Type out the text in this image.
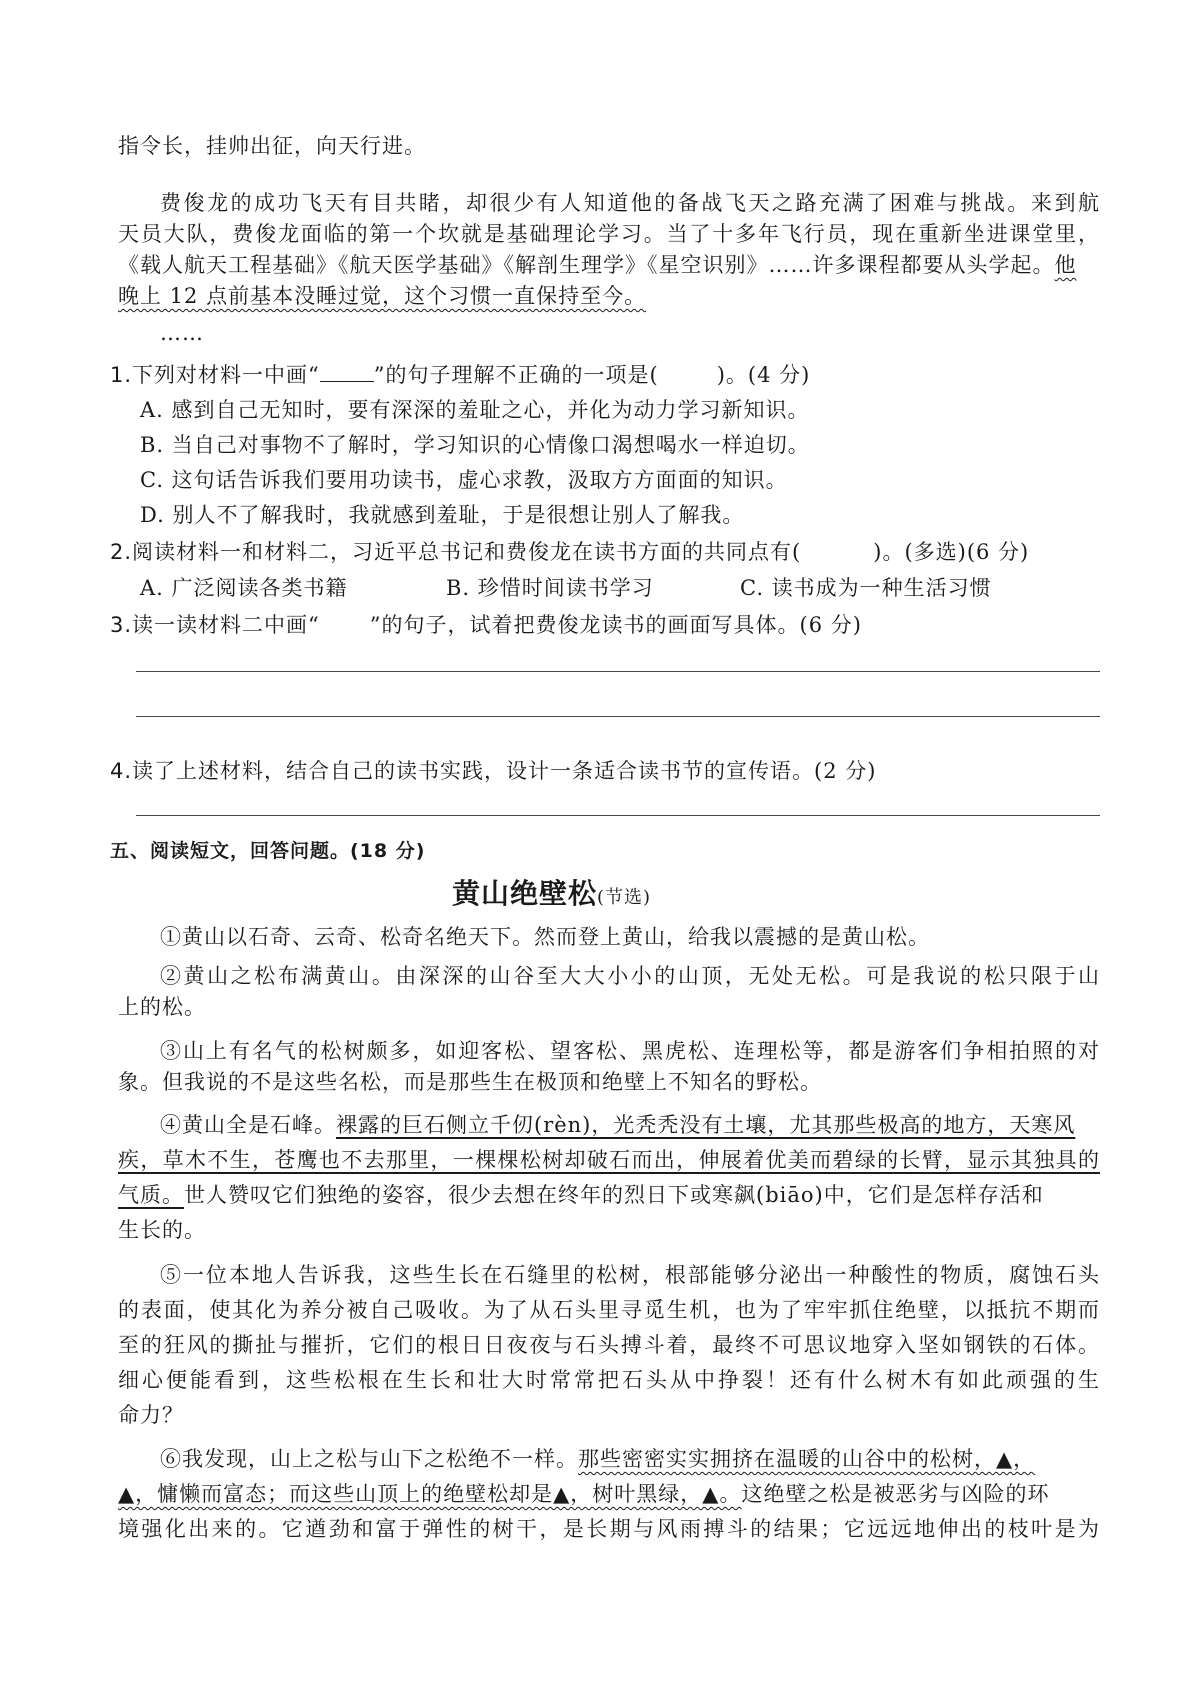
指令长，挂帅出征，向天行进。
费俊龙的成功飞天有目共睹，却很少有人知道他的备战飞天之路充满了困难与挑战。来到航
天员大队，费俊龙面临的第一个坎就是基础理论学习。当了十多年飞行员，现在重新坐进课堂里，
《载人航天工程基础》《航天医学基础》《解剖生理学》《星空识别》……许多课程都要从头学起。他
晚上 12 点前基本没睡过觉，这个习惯一直保持至今。
……
1.下列对材料一中画“	”的句子理解不正确的一项是(	)。(4 分)
A. 感到自己无知时，要有深深的羞耻之心，并化为动力学习新知识。
B. 当自己对事物不了解时，学习知识的心情像口渴想喝水一样迫切。
C. 这句话告诉我们要用功读书，虚心求教，汲取方方面面的知识。
D. 别人不了解我时，我就感到羞耻，于是很想让别人了解我。
2.阅读材料一和材料二，习近平总书记和费俊龙在读书方面的共同点有(	)。(多选)(6 分)
A. 广泛阅读各类书籍	B. 珍惜时间读书学习	C. 读书成为一种生活习惯
3.读一读材料二中画“　　 ”的句子，试着把费俊龙读书的画面写具体。(6 分)
4.读了上述材料，结合自己的读书实践，设计一条适合读书节的宣传语。(2 分)
五、阅读短文，回答问题。(18 分)
黄山绝壁松(节选)
①黄山以石奇、云奇、松奇名绝天下。然而登上黄山，给我以震撼的是黄山松。
②黄山之松布满黄山。由深深的山谷至大大小小的山顶，无处无松。可是我说的松只限于山
上的松。
③山上有名气的松树颇多，如迎客松、望客松、黑虎松、连理松等，都是游客们争相拍照的对
象。但我说的不是这些名松，而是那些生在极顶和绝壁上不知名的野松。
④黄山全是石峰。裸露的巨石侧立千仞(rèn)，光秃秃没有土壤，尤其那些极高的地方，天寒风
疾，草木不生，苍鹰也不去那里，一棵棵松树却破石而出，伸展着优美而碧绿的长臂，显示其独具的
气质。世人赞叹它们独绝的姿容，很少去想在终年的烈日下或寒飙(biāo)中，它们是怎样存活和
生长的。
⑤一位本地人告诉我，这些生长在石缝里的松树，根部能够分泌出一种酸性的物质，腐蚀石头
的表面，使其化为养分被自己吸收。为了从石头里寻觅生机，也为了牢牢抓住绝壁，以抵抗不期而
至的狂风的撕扯与摧折，它们的根日日夜夜与石头搏斗着，最终不可思议地穿入坚如钢铁的石体。
细心便能看到，这些松根在生长和壮大时常常把石头从中挣裂！还有什么树木有如此顽强的生
命力？
⑥我发现，山上之松与山下之松绝不一样。那些密密实实拥挤在温暖的山谷中的松树，▲，
▲，慵懒而富态；而这些山顶上的绝壁松却是▲，树叶黑绿，▲。这绝壁之松是被恶劣与凶险的环
境强化出来的。它遒劲和富于弹性的树干，是长期与风雨搏斗的结果；它远远地伸出的枝叶是为
